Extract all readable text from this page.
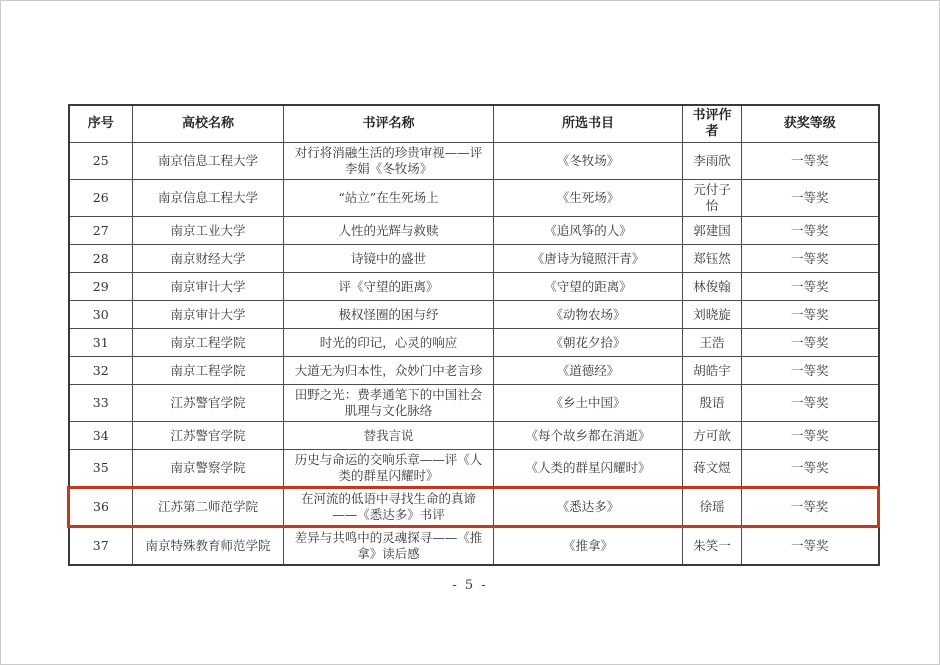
序号	高校名称	书评名称	所选书目	书评作者	获奖等级
25	南京信息工程大学	对行将消融生活的珍贵审视——评李娟《冬牧场》	《冬牧场》	李雨欣	一等奖
26	南京信息工程大学	“站立”在生死场上	《生死场》	元付子怡	一等奖
27	南京工业大学	人性的光辉与救赎	《追风筝的人》	郭建国	一等奖
28	南京财经大学	诗镜中的盛世	《唐诗为镜照汗青》	郑钰然	一等奖
29	南京审计大学	评《守望的距离》	《守望的距离》	林俊翰	一等奖
30	南京审计大学	极权怪圈的困与纾	《动物农场》	刘晓旋	一等奖
31	南京工程学院	时光的印记，心灵的响应	《朝花夕拾》	王浩	一等奖
32	南京工程学院	大道无为归本性，众妙门中老言珍	《道德经》	胡皓宇	一等奖
33	江苏警官学院	田野之光：费孝通笔下的中国社会肌理与文化脉络	《乡土中国》	殷语	一等奖
34	江苏警官学院	替我言说	《每个故乡都在消逝》	方可歆	一等奖
35	南京警察学院	历史与命运的交响乐章——评《人类的群星闪耀时》	《人类的群星闪耀时》	蒋文煜	一等奖
36	江苏第二师范学院	在河流的低语中寻找生命的真谛——《悉达多》书评	《悉达多》	徐瑶	一等奖
37	南京特殊教育师范学院	差异与共鸣中的灵魂探寻——《推拿》读后感	《推拿》	朱笑一	一等奖
- 5 -
